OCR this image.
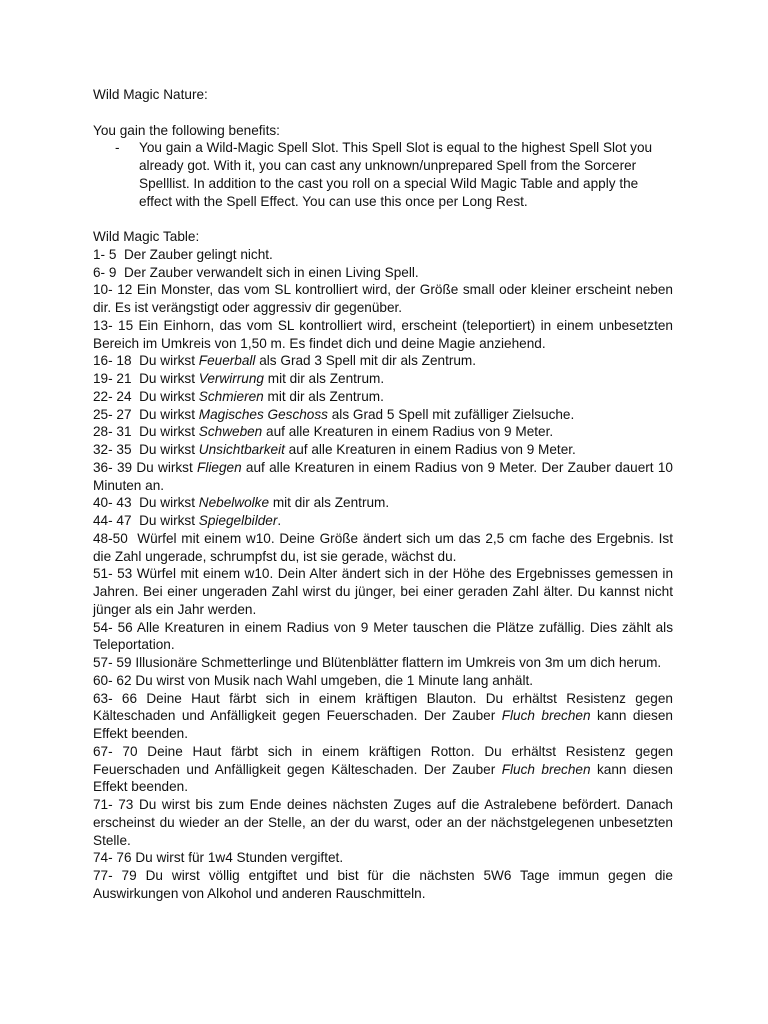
Wild Magic Nature:

You gain the following benefits:

-	You gain a Wild-Magic Spell Slot. This Spell Slot is equal to the highest Spell Slot you already got. With it, you can cast any unknown/unprepared Spell from the Sorcerer Spelllist. In addition to the cast you roll on a special Wild Magic Table and apply the effect with the Spell Effect. You can use this once per Long Rest.

Wild Magic Table:

1- 5  Der Zauber gelingt nicht.

6- 9  Der Zauber verwandelt sich in einen Living Spell.

10- 12 Ein Monster, das vom SL kontrolliert wird, der Größe small oder kleiner erscheint neben dir. Es ist verängstigt oder aggressiv dir gegenüber.

13- 15 Ein Einhorn, das vom SL kontrolliert wird, erscheint (teleportiert) in einem unbesetzten Bereich im Umkreis von 1,50 m. Es findet dich und deine Magie anziehend.

16- 18  Du wirkst Feuerball als Grad 3 Spell mit dir als Zentrum.

19- 21  Du wirkst Verwirrung mit dir als Zentrum.

22- 24  Du wirkst Schmieren mit dir als Zentrum.

25- 27  Du wirkst Magisches Geschoss als Grad 5 Spell mit zufälliger Zielsuche.

28- 31  Du wirkst Schweben auf alle Kreaturen in einem Radius von 9 Meter.

32- 35  Du wirkst Unsichtbarkeit auf alle Kreaturen in einem Radius von 9 Meter.

36- 39 Du wirkst Fliegen auf alle Kreaturen in einem Radius von 9 Meter. Der Zauber dauert 10 Minuten an.

40- 43  Du wirkst Nebelwolke mit dir als Zentrum.

44- 47  Du wirkst Spiegelbilder.

48-50  Würfel mit einem w10. Deine Größe ändert sich um das 2,5 cm fache des Ergebnis. Ist die Zahl ungerade, schrumpfst du, ist sie gerade, wächst du.

51- 53 Würfel mit einem w10. Dein Alter ändert sich in der Höhe des Ergebnisses gemessen in Jahren. Bei einer ungeraden Zahl wirst du jünger, bei einer geraden Zahl älter. Du kannst nicht jünger als ein Jahr werden.

54- 56 Alle Kreaturen in einem Radius von 9 Meter tauschen die Plätze zufällig. Dies zählt als Teleportation.

57- 59 Illusionäre Schmetterlinge und Blütenblätter flattern im Umkreis von 3m um dich herum.

60- 62 Du wirst von Musik nach Wahl umgeben, die 1 Minute lang anhält.

63- 66 Deine Haut färbt sich in einem kräftigen Blauton. Du erhältst Resistenz gegen Kälteschaden und Anfälligkeit gegen Feuerschaden. Der Zauber Fluch brechen kann diesen Effekt beenden.

67- 70 Deine Haut färbt sich in einem kräftigen Rotton. Du erhältst Resistenz gegen Feuerschaden und Anfälligkeit gegen Kälteschaden. Der Zauber Fluch brechen kann diesen Effekt beenden.

71- 73 Du wirst bis zum Ende deines nächsten Zuges auf die Astralebene befördert. Danach erscheinst du wieder an der Stelle, an der du warst, oder an der nächstgelegenen unbesetzten Stelle.

74- 76 Du wirst für 1w4 Stunden vergiftet.

77- 79 Du wirst völlig entgiftet und bist für die nächsten 5W6 Tage immun gegen die Auswirkungen von Alkohol und anderen Rauschmitteln.
